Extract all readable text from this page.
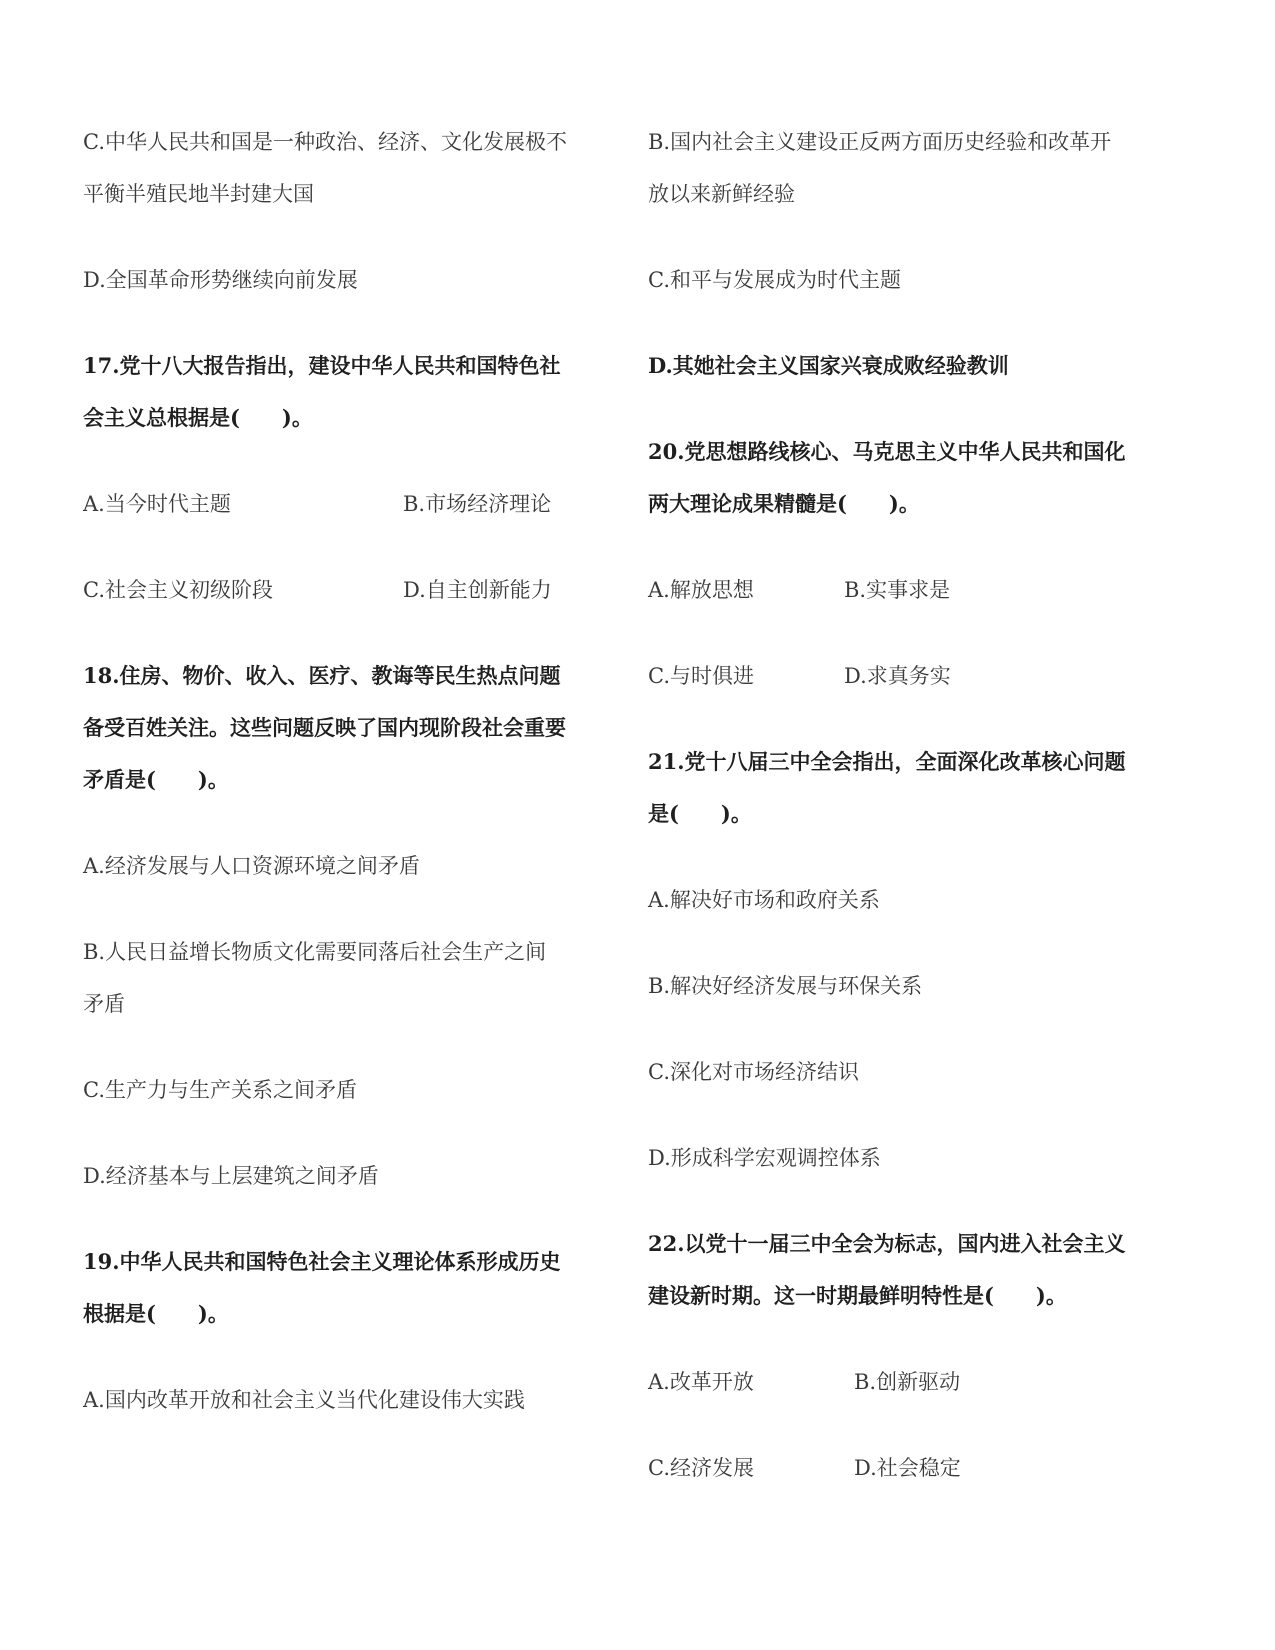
C.中华人民共和国是一种政治、经济、文化发展极不
平衡半殖民地半封建大国
D.全国革命形势继续向前发展
17.党十八大报告指出，建设中华人民共和国特色社
会主义总根据是(　　)。
A.当今时代主题	B.市场经济理论
C.社会主义初级阶段	D.自主创新能力
18.住房、物价、收入、医疗、教诲等民生热点问题
备受百姓关注。这些问题反映了国内现阶段社会重要
矛盾是(　　)。
A.经济发展与人口资源环境之间矛盾
B.人民日益增长物质文化需要同落后社会生产之间
矛盾
C.生产力与生产关系之间矛盾
D.经济基本与上层建筑之间矛盾
19.中华人民共和国特色社会主义理论体系形成历史
根据是(　　)。
A.国内改革开放和社会主义当代化建设伟大实践
B.国内社会主义建设正反两方面历史经验和改革开
放以来新鲜经验
C.和平与发展成为时代主题
D.其她社会主义国家兴衰成败经验教训
20.党思想路线核心、马克思主义中华人民共和国化
两大理论成果精髓是(　　)。
A.解放思想	B.实事求是
C.与时俱进	D.求真务实
21.党十八届三中全会指出，全面深化改革核心问题
是(　　)。
A.解决好市场和政府关系
B.解决好经济发展与环保关系
C.深化对市场经济结识
D.形成科学宏观调控体系
22.以党十一届三中全会为标志，国内进入社会主义
建设新时期。这一时期最鲜明特性是(　　)。
A.改革开放	B.创新驱动
C.经济发展	D.社会稳定
